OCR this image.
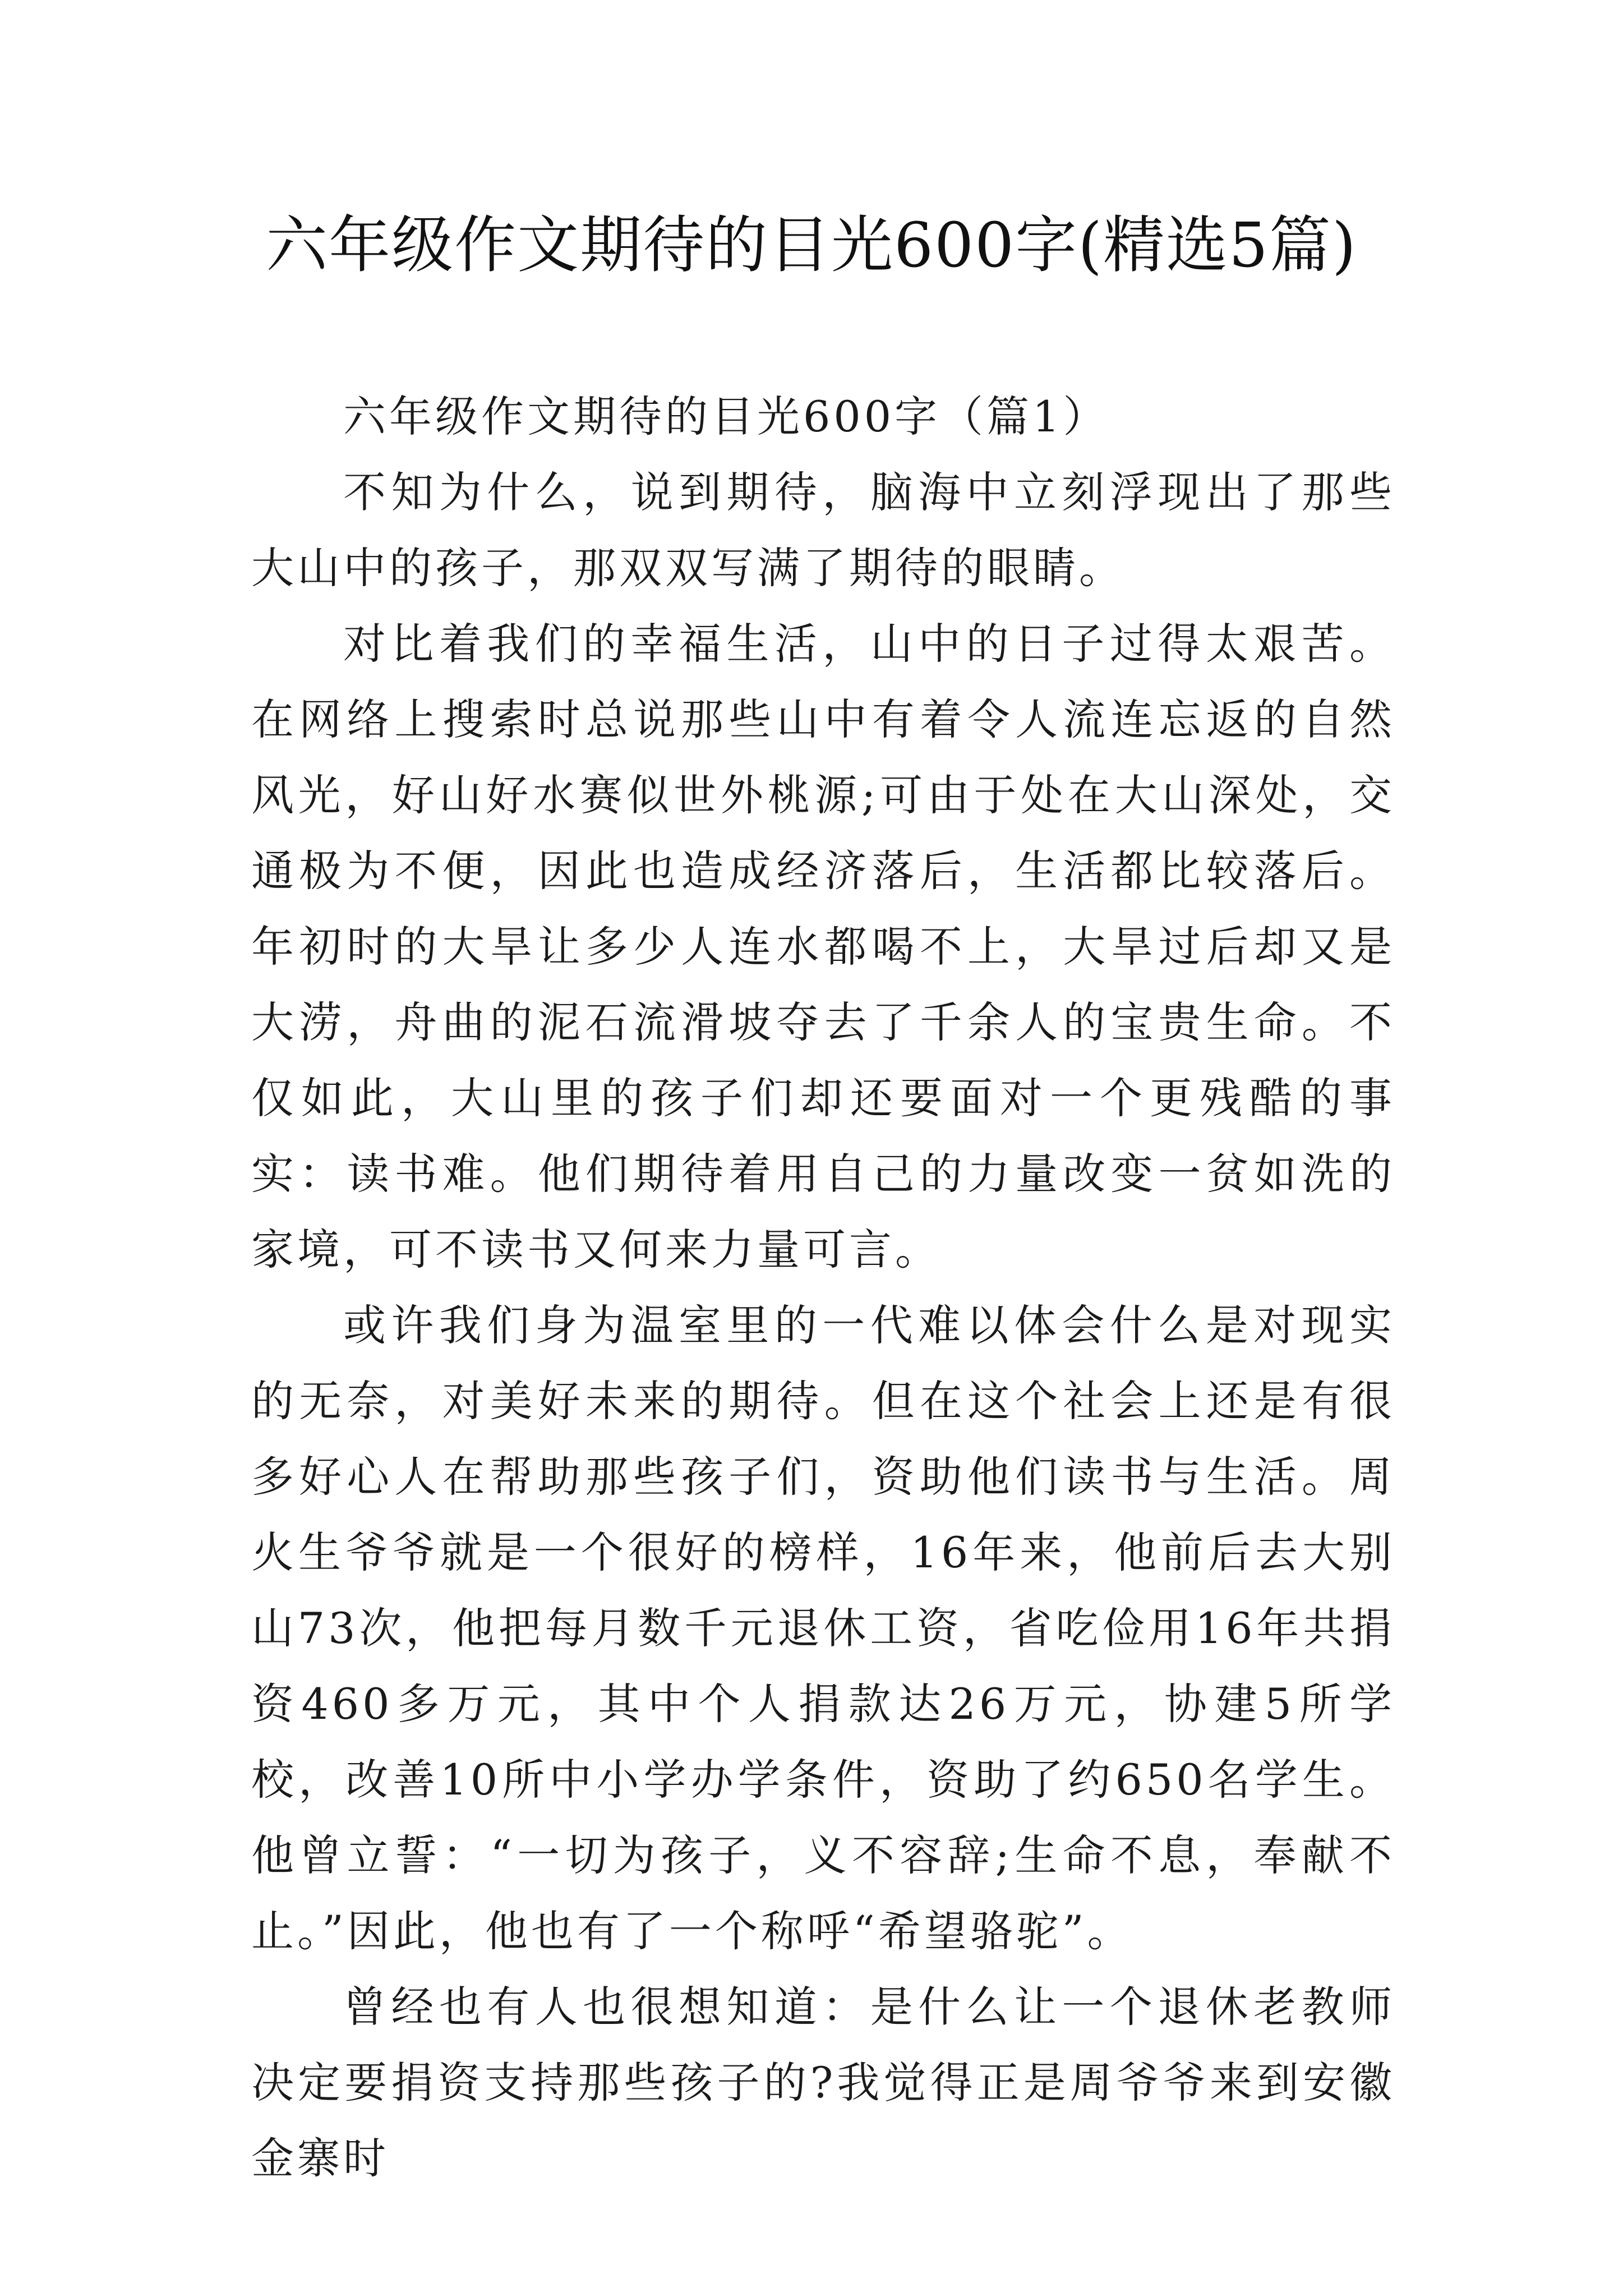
六年级作文期待的目光600字(精选5篇)

六年级作文期待的目光600字（篇1）

不知为什么，说到期待，脑海中立刻浮现出了那些大山中的孩子，那双双写满了期待的眼睛。

对比着我们的幸福生活，山中的日子过得太艰苦。在网络上搜索时总说那些山中有着令人流连忘返的自然风光，好山好水赛似世外桃源;可由于处在大山深处，交通极为不便，因此也造成经济落后，生活都比较落后。年初时的大旱让多少人连水都喝不上，大旱过后却又是大涝，舟曲的泥石流滑坡夺去了千余人的宝贵生命。不仅如此，大山里的孩子们却还要面对一个更残酷的事实：读书难。他们期待着用自己的力量改变一贫如洗的家境，可不读书又何来力量可言。

或许我们身为温室里的一代难以体会什么是对现实的无奈，对美好未来的期待。但在这个社会上还是有很多好心人在帮助那些孩子们，资助他们读书与生活。周火生爷爷就是一个很好的榜样，16年来，他前后去大别山73次，他把每月数千元退休工资，省吃俭用16年共捐资460多万元，其中个人捐款达26万元，协建5所学校，改善10所中小学办学条件，资助了约650名学生。他曾立誓：“一切为孩子，义不容辞;生命不息，奉献不止。”因此，他也有了一个称呼“希望骆驼”。

曾经也有人也很想知道：是什么让一个退休老教师决定要捐资支持那些孩子的?我觉得正是周爷爷来到安徽金寨时
